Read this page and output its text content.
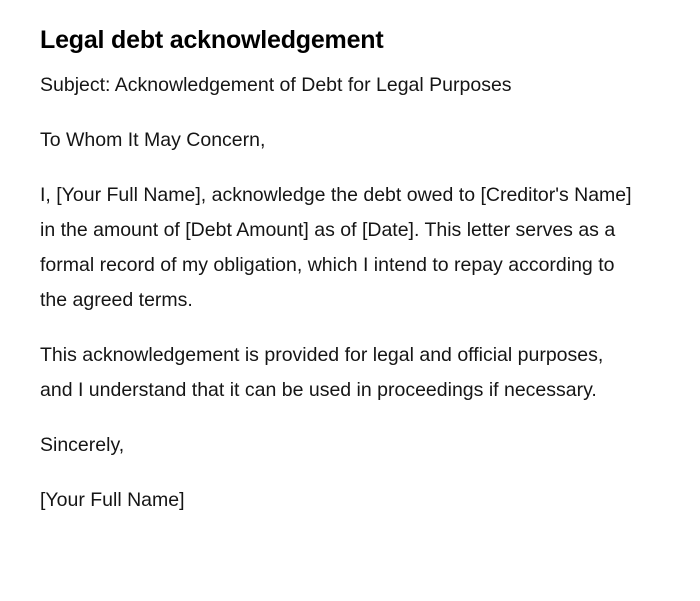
Legal debt acknowledgement

Subject: Acknowledgement of Debt for Legal Purposes

To Whom It May Concern,

I, [Your Full Name], acknowledge the debt owed to [Creditor's Name] in the amount of [Debt Amount] as of [Date]. This letter serves as a formal record of my obligation, which I intend to repay according to the agreed terms.

This acknowledgement is provided for legal and official purposes, and I understand that it can be used in proceedings if necessary.

Sincerely,

[Your Full Name]
